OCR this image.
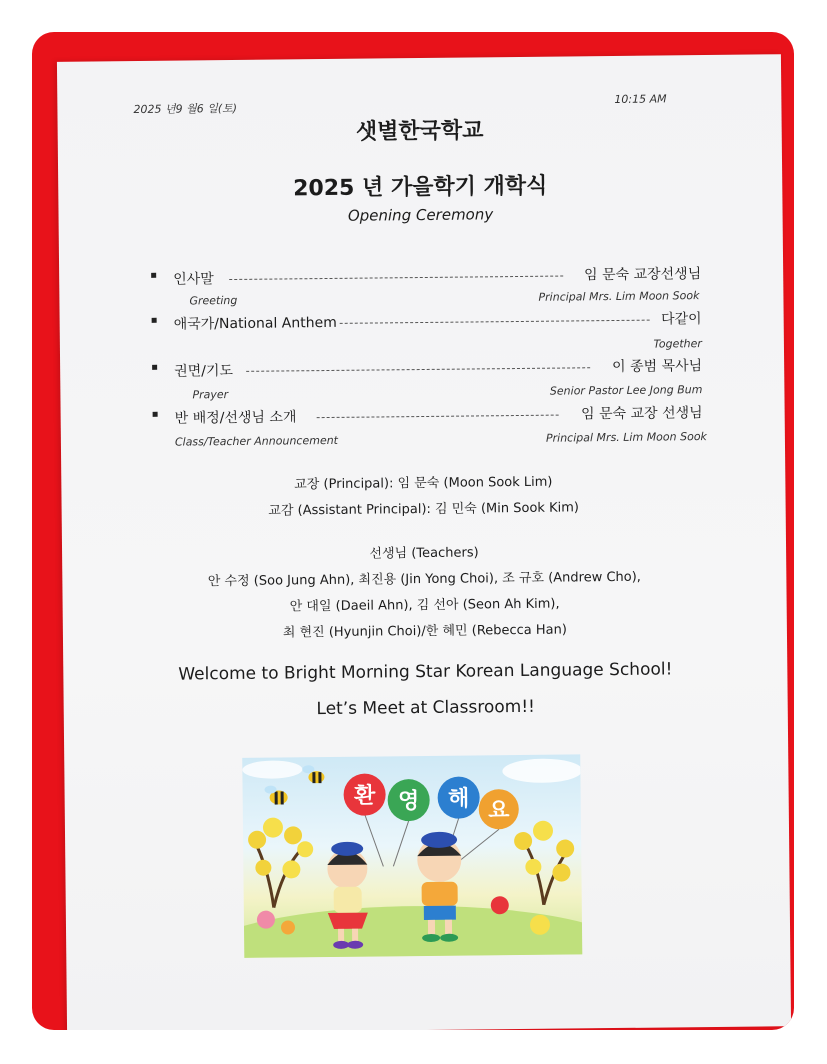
2025 년9 월6 일(토)
10:15 AM
샛별한국학교
2025 년 가을학기 개학식
Opening Ceremony
인사말	임 문숙 교장선생님
Greeting	Principal Mrs. Lim Moon Sook
애국가/National Anthem	다같이
Together
권면/기도	이 종범 목사님
Prayer	Senior Pastor Lee Jong Bum
반 배정/선생님 소개	임 문숙 교장 선생님
Class/Teacher Announcement	Principal Mrs. Lim Moon Sook
교장 (Principal): 임 문숙 (Moon Sook Lim)
교감 (Assistant Principal): 김 민숙 (Min Sook Kim)
선생님 (Teachers)
안 수정 (Soo Jung Ahn), 최진용 (Jin Yong Choi), 조 규호 (Andrew Cho),
안 대일 (Daeil Ahn), 김 선아 (Seon Ah Kim),
최 현진 (Hyunjin Choi)/한 혜민 (Rebecca Han)
Welcome to Bright Morning Star Korean Language School!
Let’s Meet at Classroom!!
환 영 해 요
